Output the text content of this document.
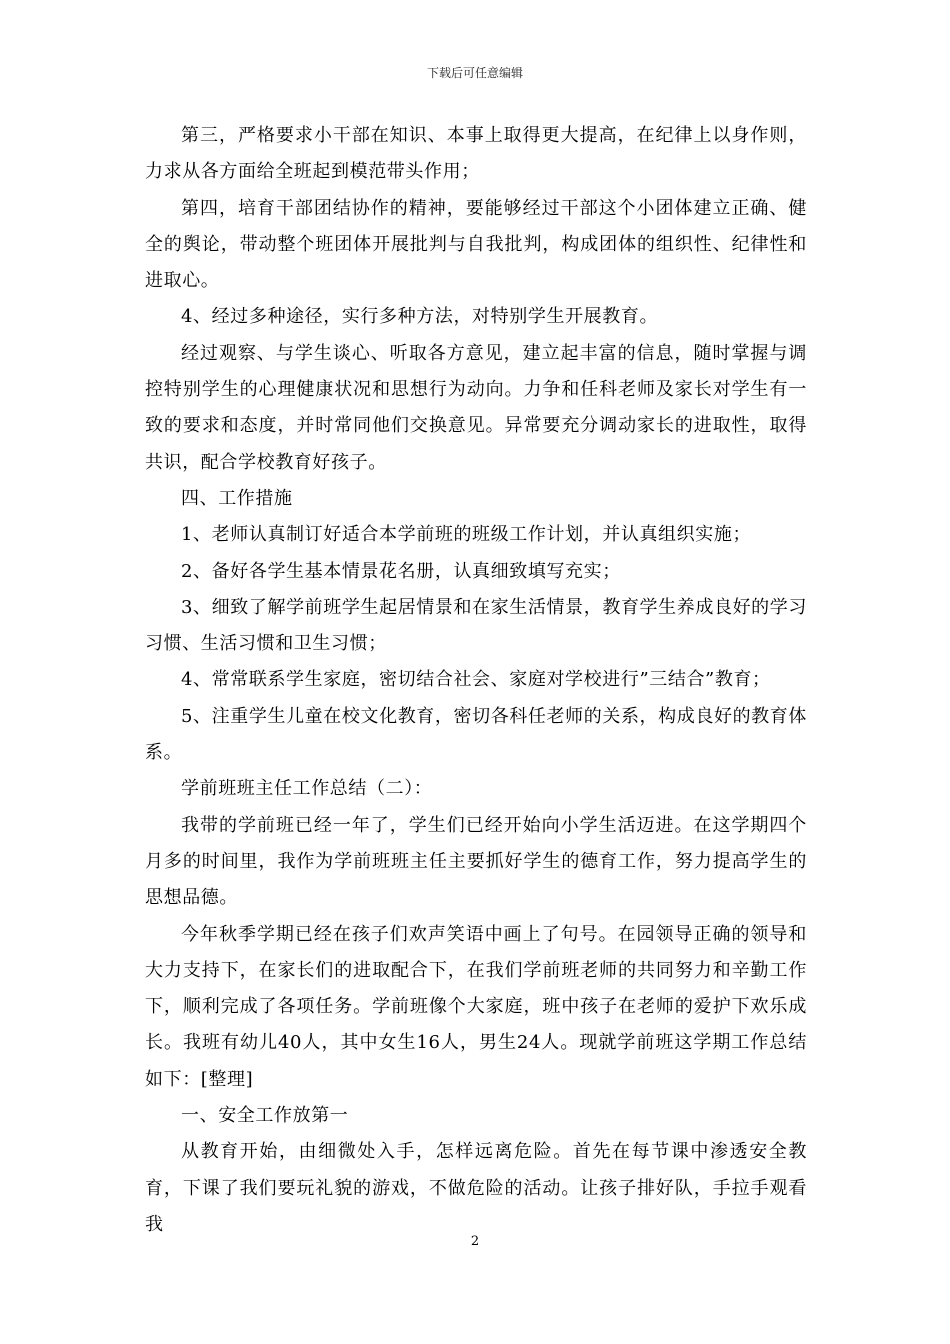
下载后可任意编辑

第三，严格要求小干部在知识、本事上取得更大提高，在纪律上以身作则，力求从各方面给全班起到模范带头作用；

第四，培育干部团结协作的精神，要能够经过干部这个小团体建立正确、健全的舆论，带动整个班团体开展批判与自我批判，构成团体的组织性、纪律性和进取心。

4、经过多种途径，实行多种方法，对特别学生开展教育。

经过观察、与学生谈心、听取各方意见，建立起丰富的信息，随时掌握与调控特别学生的心理健康状况和思想行为动向。力争和任科老师及家长对学生有一致的要求和态度，并时常同他们交换意见。异常要充分调动家长的进取性，取得共识，配合学校教育好孩子。

四、工作措施

1、老师认真制订好适合本学前班的班级工作计划，并认真组织实施；

2、备好各学生基本情景花名册，认真细致填写充实；

3、细致了解学前班学生起居情景和在家生活情景，教育学生养成良好的学习习惯、生活习惯和卫生习惯；

4、常常联系学生家庭，密切结合社会、家庭对学校进行”三结合”教育；

5、注重学生儿童在校文化教育，密切各科任老师的关系，构成良好的教育体系。

学前班班主任工作总结（二）：

我带的学前班已经一年了，学生们已经开始向小学生活迈进。在这学期四个月多的时间里，我作为学前班班主任主要抓好学生的德育工作，努力提高学生的思想品德。

今年秋季学期已经在孩子们欢声笑语中画上了句号。在园领导正确的领导和大力支持下，在家长们的进取配合下，在我们学前班老师的共同努力和辛勤工作下，顺利完成了各项任务。学前班像个大家庭，班中孩子在老师的爱护下欢乐成长。我班有幼儿40人，其中女生16人，男生24人。现就学前班这学期工作总结如下：[整理]

一、安全工作放第一

从教育开始，由细微处入手，怎样远离危险。首先在每节课中渗透安全教育，下课了我们要玩礼貌的游戏，不做危险的活动。让孩子排好队，手拉手观看我

2
